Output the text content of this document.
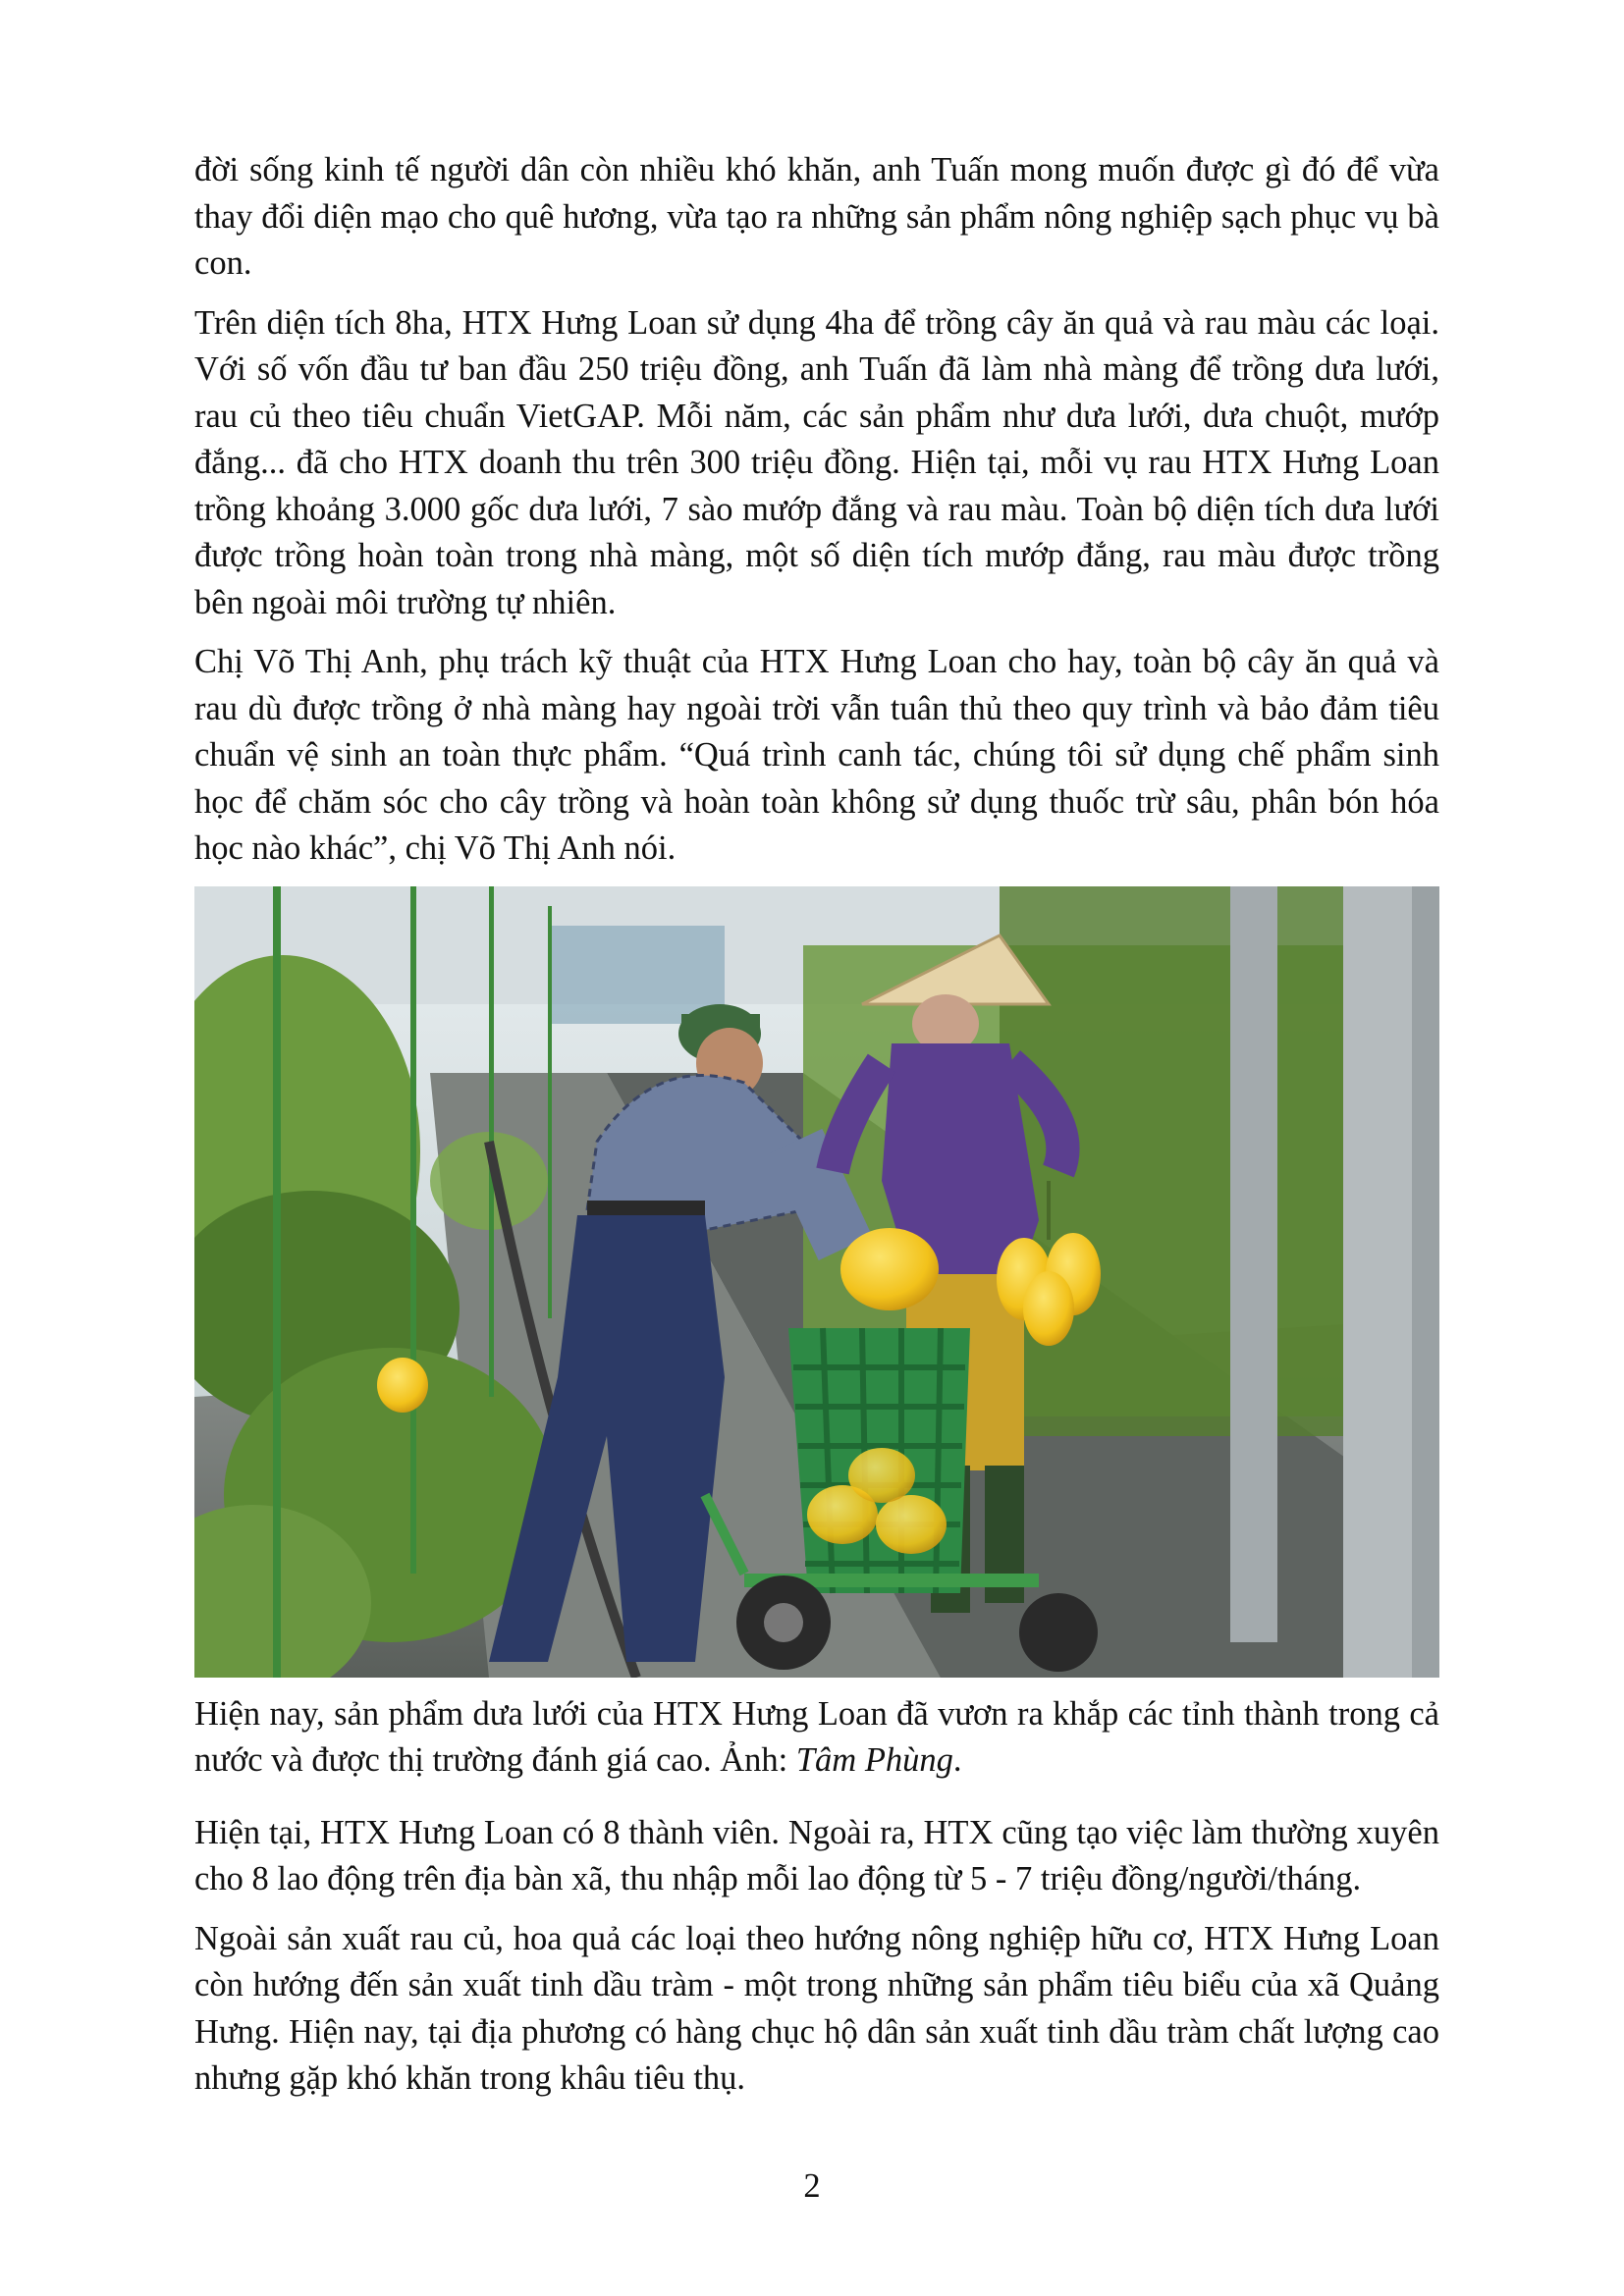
đời sống kinh tế người dân còn nhiều khó khăn, anh Tuấn mong muốn được gì đó để vừa thay đổi diện mạo cho quê hương, vừa tạo ra những sản phẩm nông nghiệp sạch phục vụ bà con.

Trên diện tích 8ha, HTX Hưng Loan sử dụng 4ha để trồng cây ăn quả và rau màu các loại. Với số vốn đầu tư ban đầu 250 triệu đồng, anh Tuấn đã làm nhà màng để trồng dưa lưới, rau củ theo tiêu chuẩn VietGAP. Mỗi năm, các sản phẩm như dưa lưới, dưa chuột, mướp đắng... đã cho HTX doanh thu trên 300 triệu đồng. Hiện tại, mỗi vụ rau HTX Hưng Loan trồng khoảng 3.000 gốc dưa lưới, 7 sào mướp đắng và rau màu. Toàn bộ diện tích dưa lưới được trồng hoàn toàn trong nhà màng, một số diện tích mướp đắng, rau màu được trồng bên ngoài môi trường tự nhiên.

Chị Võ Thị Anh, phụ trách kỹ thuật của HTX Hưng Loan cho hay, toàn bộ cây ăn quả và rau dù được trồng ở nhà màng hay ngoài trời vẫn tuân thủ theo quy trình và bảo đảm tiêu chuẩn vệ sinh an toàn thực phẩm. “Quá trình canh tác, chúng tôi sử dụng chế phẩm sinh học để chăm sóc cho cây trồng và hoàn toàn không sử dụng thuốc trừ sâu, phân bón hóa học nào khác”, chị Võ Thị Anh nói.

Hiện nay, sản phẩm dưa lưới của HTX Hưng Loan đã vươn ra khắp các tỉnh thành trong cả nước và được thị trường đánh giá cao. Ảnh: Tâm Phùng.

Hiện tại, HTX Hưng Loan có 8 thành viên. Ngoài ra, HTX cũng tạo việc làm thường xuyên cho 8 lao động trên địa bàn xã, thu nhập mỗi lao động từ 5 - 7 triệu đồng/người/tháng.

Ngoài sản xuất rau củ, hoa quả các loại theo hướng nông nghiệp hữu cơ, HTX Hưng Loan còn hướng đến sản xuất tinh dầu tràm - một trong những sản phẩm tiêu biểu của xã Quảng Hưng. Hiện nay, tại địa phương có hàng chục hộ dân sản xuất tinh dầu tràm chất lượng cao nhưng gặp khó khăn trong khâu tiêu thụ.

2
